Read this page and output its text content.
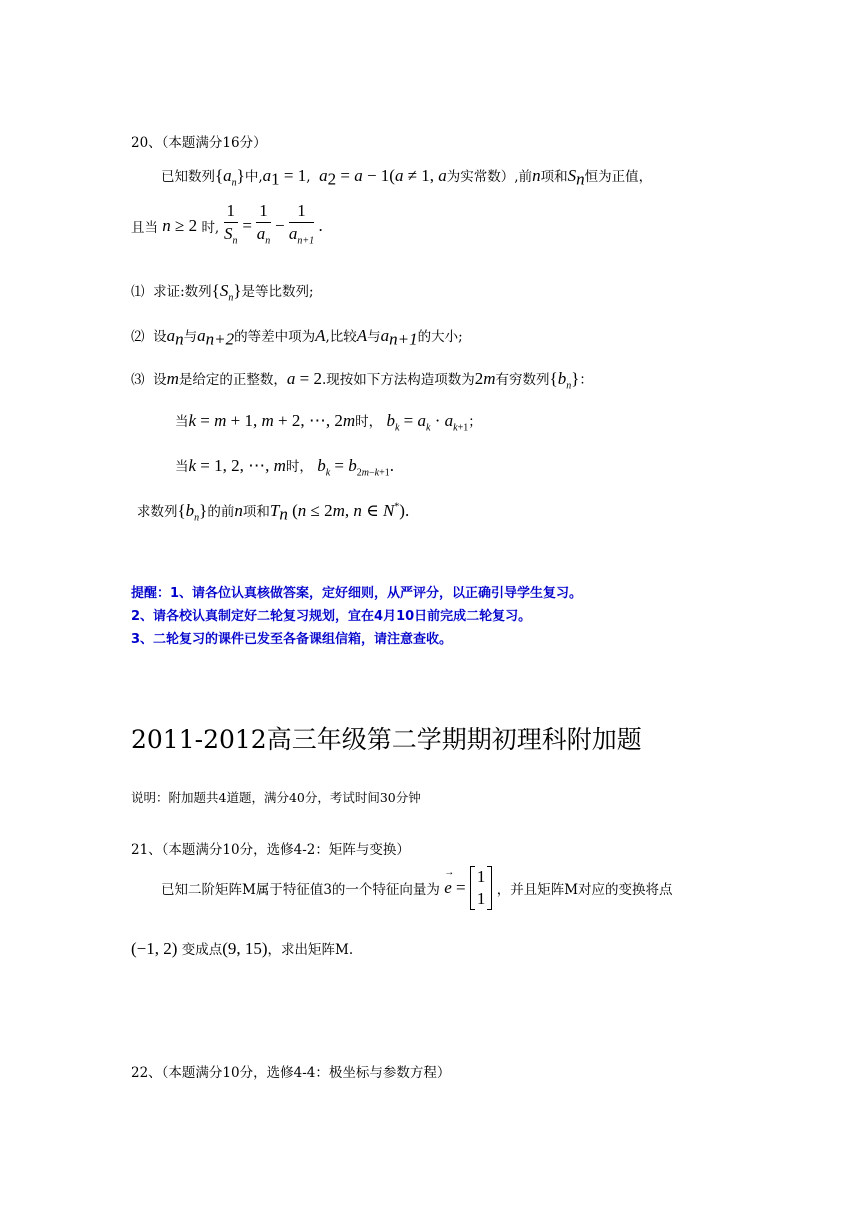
20、（本题满分16分）
已知数列$\{a_n\}$中$,a_1 = 1$,  $a_2 = a - 1(a \ne 1$, a为实常数）,前n项和$S_n$恒为正值，
且当 n ≥ 2 时, $\frac{1}{S_n} = \frac{1}{a_n} - \frac{1}{a_{n+1}}$ .
⑴ 求证:数列$\{S_n\}$是等比数列;
⑵ 设$a_n$与$a_{n+2}$的等差中项为A,比较A与$a_{n+1}$的大小;
⑶ 设m是给定的正整数，a = 2.现按如下方法构造项数为2m有穷数列$\{b_n\}$：
当k = m + 1, m + 2, ⋯, 2m时， $b_k = a_k \cdot a_{k+1}$；
当k = 1, 2, ⋯, m时， $b_k = b_{2m-k+1}$.
求数列$\{b_n\}$的前n项和$T_n$ (n ≤ 2m, n ∈ N*).
提醒：1、请各位认真核做答案，定好细则，从严评分，以正确引导学生复习。
2、请各校认真制定好二轮复习规划，宜在4月10日前完成二轮复习。
3、二轮复习的课件已发至各备课组信箱，请注意查收。
2011-2012高三年级第二学期期初理科附加题
说明：附加题共4道题，满分40分，考试时间30分钟
21、（本题满分10分，选修4-2：矩阵与变换）
已知二阶矩阵M属于特征值3的一个特征向量为 → e =
1
1 ，并且矩阵M对应的变换将点
(−1, 2) 变成点(9, 15)，求出矩阵M.
22、（本题满分10分，选修4-4：极坐标与参数方程）
